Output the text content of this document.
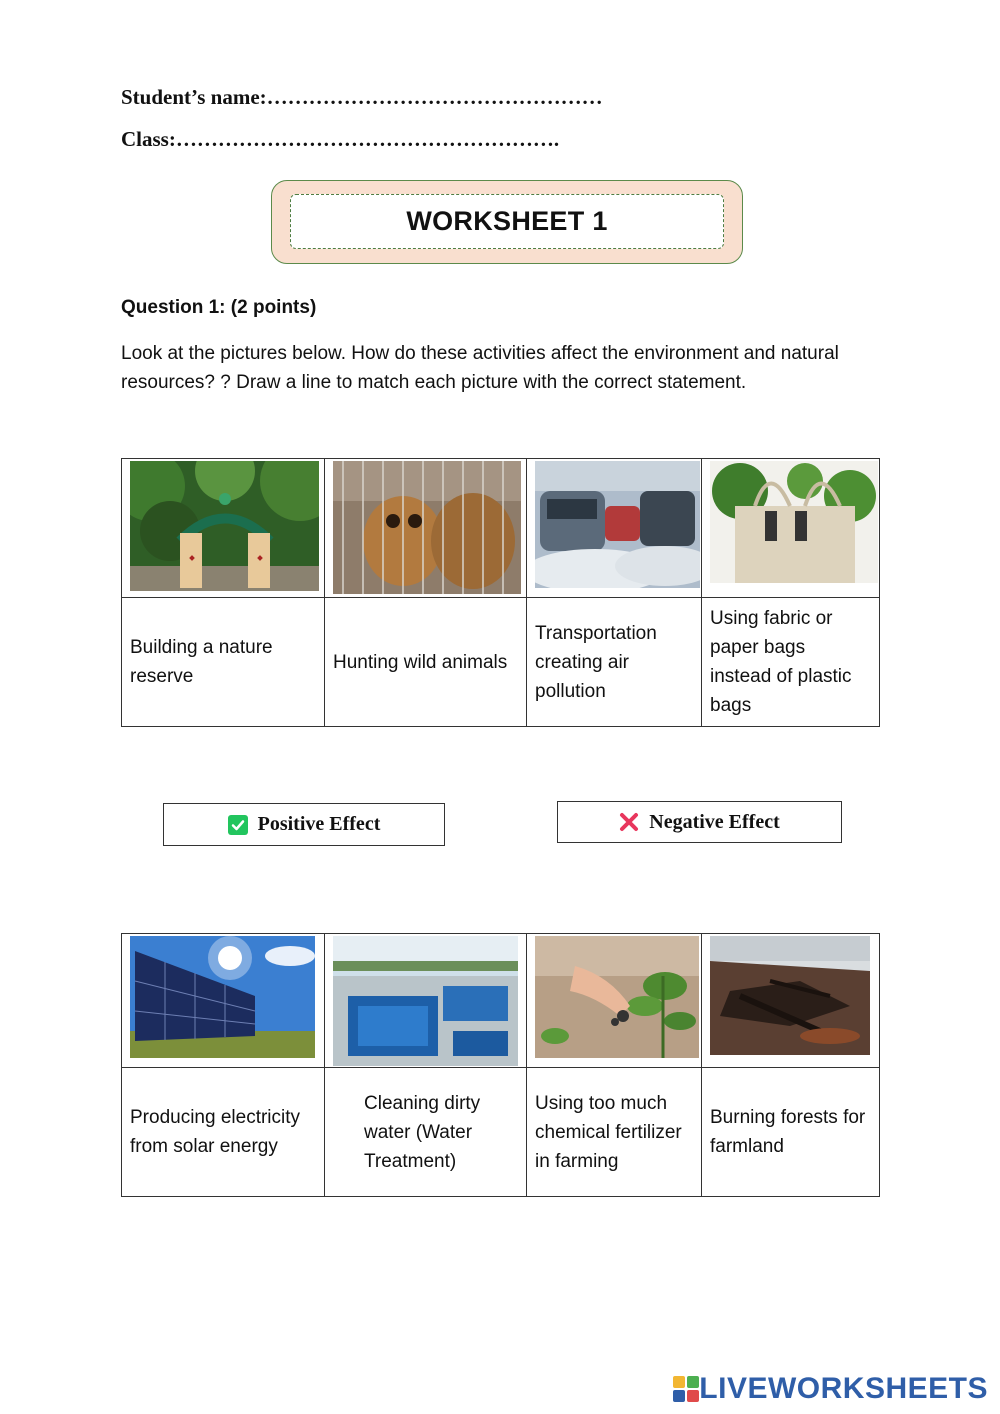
Student’s name:…………………………………………
Class:……………………………………………….
WORKSHEET 1
Question 1: (2 points)
Look at the pictures below. How do these activities affect the environment and natural resources? ? Draw a line to match each picture with the correct statement.

Building a nature reserve	Hunting wild animals	Transportation creating air pollution	Using fabric or paper bags instead of plastic bags
Positive Effect	Negative Effect

Producing electricity from solar energy	Cleaning dirty water (Water Treatment)	Using too much chemical fertilizer in farming	Burning forests for farmland
LIVEWORKSHEETS
